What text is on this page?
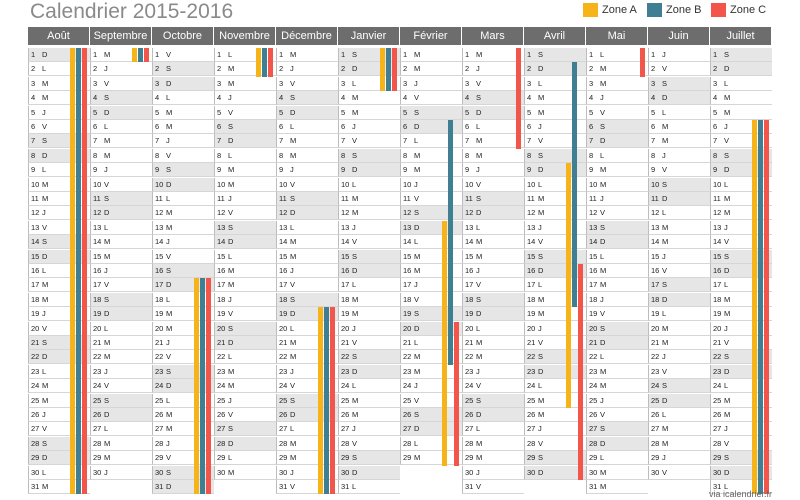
Août
1 D
2 L
3 M
4 M
5 J
6 V
7 S
8 D
9 L
10 M
11 M
12 J
13 V
14 S
15 D
16 L
17 M
18 M
19 J
20 V
21 S
22 D
23 L
24 M
25 M
26 J
27 V
28 S
29 D
30 L
31 M
Septembre
1 M
2 J
3 V
4 S
5 D
6 L
7 M
8 M
9 J
10 V
11 S
12 D
13 L
14 M
15 M
16 J
17 V
18 S
19 D
20 L
21 M
22 M
23 J
24 V
25 S
26 D
27 L
28 M
29 M
30 J
Octobre
1 V
2 S
3 D
4 L
5 M
6 M
7 J
8 V
9 S
10 D
11 L
12 M
13 M
14 J
15 V
16 S
17 D
18 L
19 M
20 M
21 J
22 V
23 S
24 D
25 L
26 M
27 M
28 J
29 V
30 S
31 D
Novembre
1 L
2 M
3 M
4 J
5 V
6 S
7 D
8 L
9 M
10 M
11 J
12 V
13 S
14 D
15 L
16 M
17 M
18 J
19 V
20 S
21 D
22 L
23 M
24 M
25 J
26 V
27 S
28 D
29 L
30 M
Décembre
1 M
2 J
3 V
4 S
5 D
6 L
7 M
8 M
9 J
10 V
11 S
12 D
13 L
14 M
15 M
16 J
17 V
18 S
19 D
20 L
21 M
22 M
23 J
24 V
25 S
26 D
27 L
28 M
29 M
30 J
31 V
Janvier
1 S
2 D
3 L
4 M
5 M
6 J
7 V
8 S
9 D
10 L
11 M
12 M
13 J
14 V
15 S
16 D
17 L
18 M
19 M
20 J
21 V
22 S
23 D
24 L
25 M
26 M
27 J
28 V
29 S
30 D
31 L
Février
1 M
2 M
3 J
4 V
5 S
6 D
7 L
8 M
9 M
10 J
11 V
12 S
13 D
14 L
15 M
16 M
17 J
18 V
19 S
20 D
21 L
22 M
23 M
24 J
25 V
26 S
27 D
28 L
29 M
Mars
1 M
2 J
3 V
4 S
5 D
6 L
7 M
8 M
9 J
10 V
11 S
12 D
13 L
14 M
15 M
16 J
17 V
18 S
19 D
20 L
21 M
22 M
23 J
24 V
25 S
26 D
27 L
28 M
29 M
30 J
31 V
Avril
1 S
2 D
3 L
4 M
5 M
6 J
7 V
8 S
9 D
10 L
11 M
12 M
13 J
14 V
15 S
16 D
17 L
18 M
19 M
20 J
21 V
22 S
23 D
24 L
25 M
26 M
27 J
28 V
29 S
30 D
Mai
1 L
2 M
3 M
4 J
5 V
6 S
7 D
8 L
9 M
10 M
11 J
12 V
13 S
14 D
15 L
16 M
17 M
18 J
19 V
20 S
21 D
22 L
23 M
24 M
25 J
26 V
27 S
28 D
29 L
30 M
31 M
Juin
1 J
2 V
3 S
4 D
5 L
6 M
7 M
8 J
9 V
10 S
11 D
12 L
13 M
14 M
15 J
16 V
17 S
18 D
19 L
20 M
21 M
22 J
23 V
24 S
25 D
26 L
27 M
28 M
29 J
30 V
Juillet
1 S
2 D
3 L
4 M
5 M
6 J
7 V
8 S
9 D
10 L
11 M
12 M
13 J
14 V
15 S
16 D
17 L
18 M
19 M
20 J
21 V
22 S
23 D
24 L
25 M
26 M
27 J
28 V
29 S
30 D
31 L
Calendrier 2015-2016	Zone A	Zone B	Zone C
via icalendrier.fr
